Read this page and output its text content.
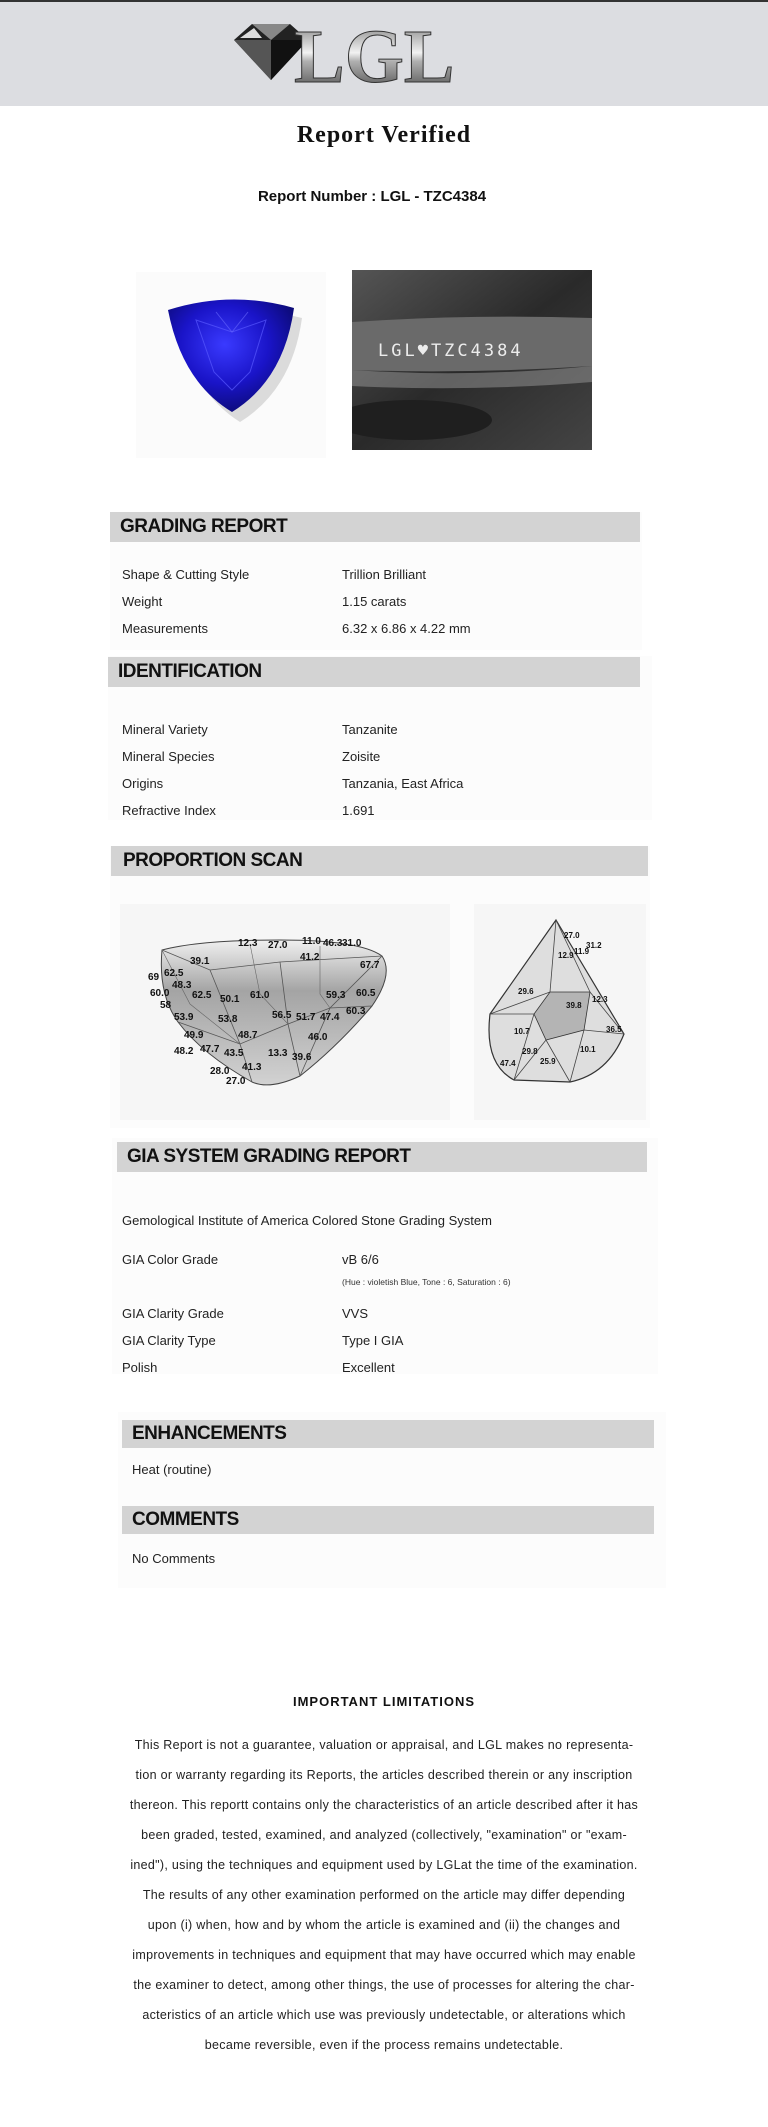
LGL
Report Verified
Report Number : LGL - TZC4384
LGL♥TZC4384
GRADING REPORT
Shape & Cutting Style	Trillion Brilliant
Weight	1.15 carats
Measurements	6.32 x 6.86 x 4.22 mm
IDENTIFICATION
Mineral Variety	Tanzanite
Mineral Species	Zoisite
Origins	Tanzania, East Africa
Refractive Index	1.691
PROPORTION SCAN
12.3 27.0 11.0 46.3 31.0
69 62.5
41.2
67.7
60.0
58
39.1
48.3
62.5 50.1 61.0	59.3 60.5
53.9 53.8	56.5 51.7 47.4
60.3
49.9	48.7	46.0
48.2 47.7 43.5 13.3 39.6
41.3
28.0
27.0
27.0
11.9
31.2
12.9
39.8
29.6
12.3
10.1
29.8
47.4	25.9
36.5
10.7
GIA SYSTEM GRADING REPORT
Gemological Institute of America Colored Stone Grading System
GIA Color Grade	vB 6/6
(Hue : violetish Blue, Tone : 6, Saturation : 6)
GIA Clarity Grade	VVS
GIA Clarity Type	Type I GIA
Polish	Excellent
ENHANCEMENTS
Heat (routine)
COMMENTS
No Comments
IMPORTANT LIMITATIONS
This Report is not a guarantee, valuation or appraisal, and LGL makes no representa-
tion or warranty regarding its Reports, the articles described therein or any inscription
thereon. This reportt contains only the characteristics of an article described after it has
been graded, tested, examined, and analyzed (collectively, "examination" or "exam-
ined"), using the techniques and equipment used by LGLat the time of the examination.
The results of any other examination performed on the article may differ depending
upon (i) when, how and by whom the article is examined and (ii) the changes and
improvements in techniques and equipment that may have occurred which may enable
the examiner to detect, among other things, the use of processes for altering the char-
acteristics of an article which use was previously undetectable, or alterations which
became reversible, even if the process remains undetectable.
